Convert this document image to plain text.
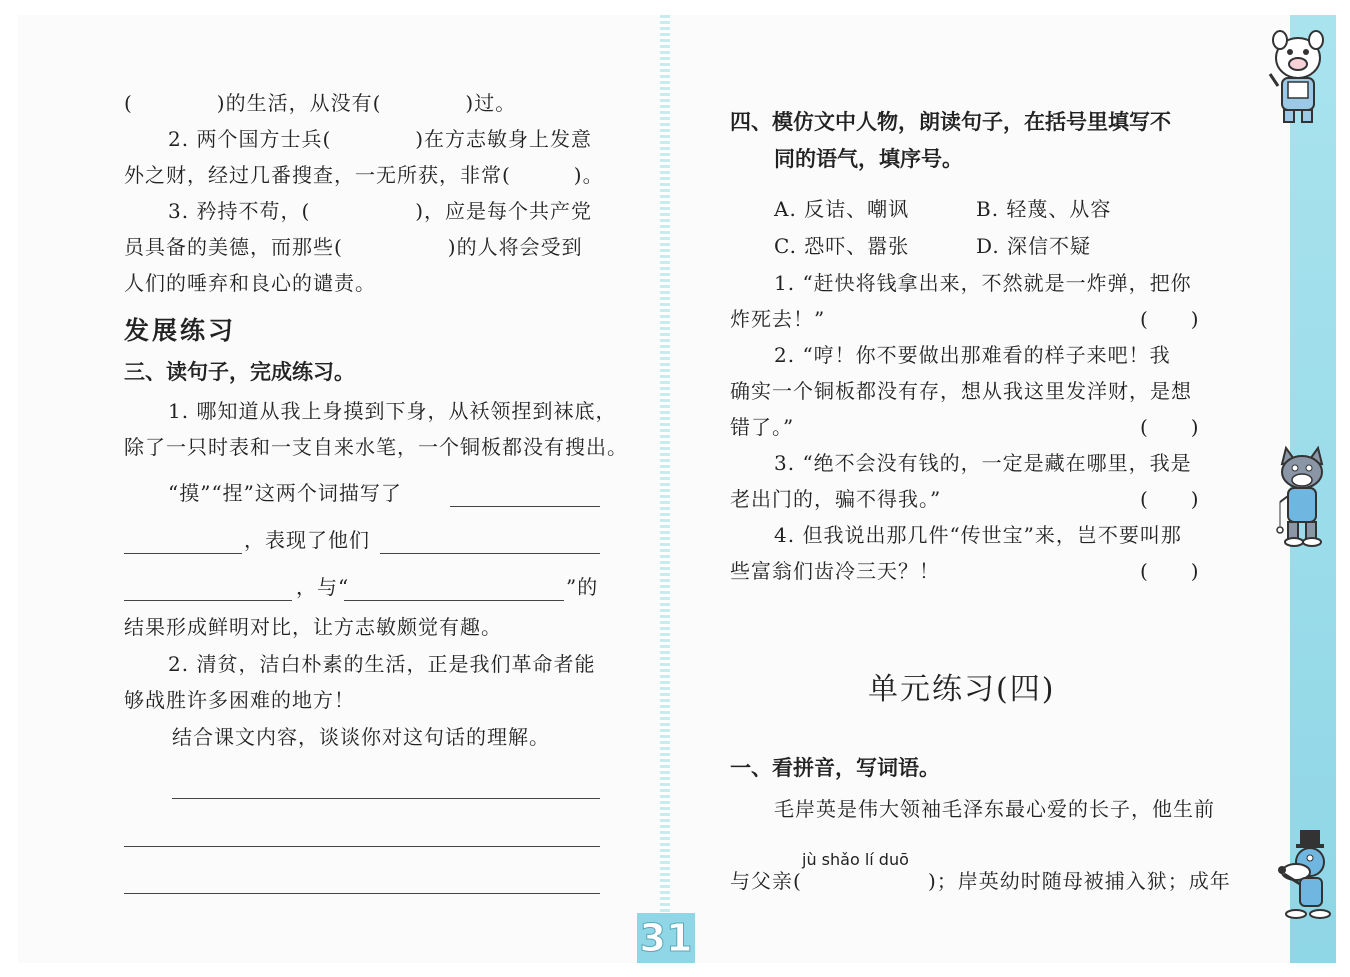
(　　　　)的生活，从没有(　　　　)过。
2. 两个国方士兵(　　　　)在方志敏身上发意
外之财，经过几番搜查，一无所获，非常(　　　)。
3. 矜持不苟，(　　　　　)，应是每个共产党
员具备的美德，而那些(　　　　　)的人将会受到
人们的唾弃和良心的谴责。
发展练习
三、读句子，完成练习。
1. 哪知道从我上身摸到下身，从袄领捏到袜底，
除了一只时表和一支自来水笔，一个铜板都没有搜出。
“摸”“捏”这两个词描写了
，表现了他们
，与“	”的
结果形成鲜明对比，让方志敏颇觉有趣。
2. 清贫，洁白朴素的生活，正是我们革命者能
够战胜许多困难的地方！
结合课文内容，谈谈你对这句话的理解。
四、模仿文中人物，朗读句子，在括号里填写不
同的语气，填序号。
A. 反诘、嘲讽	B. 轻蔑、从容
C. 恐吓、嚣张	D. 深信不疑
1. “赶快将钱拿出来，不然就是一炸弹，把你
炸死去！”	(　　)
2. “哼！你不要做出那难看的样子来吧！我
确实一个铜板都没有存，想从我这里发洋财，是想
错了。”	(　　)
3. “绝不会没有钱的，一定是藏在哪里，我是
老出门的，骗不得我。”	(　　)
4. 但我说出那几件“传世宝”来，岂不要叫那
些富翁们齿冷三天？！	(　　)
单元练习(四)
一、看拼音，写词语。
毛岸英是伟大领袖毛泽东最心爱的长子，他生前
jù shǎo lí duō
与父亲(	)；岸英幼时随母被捕入狱；成年
31
